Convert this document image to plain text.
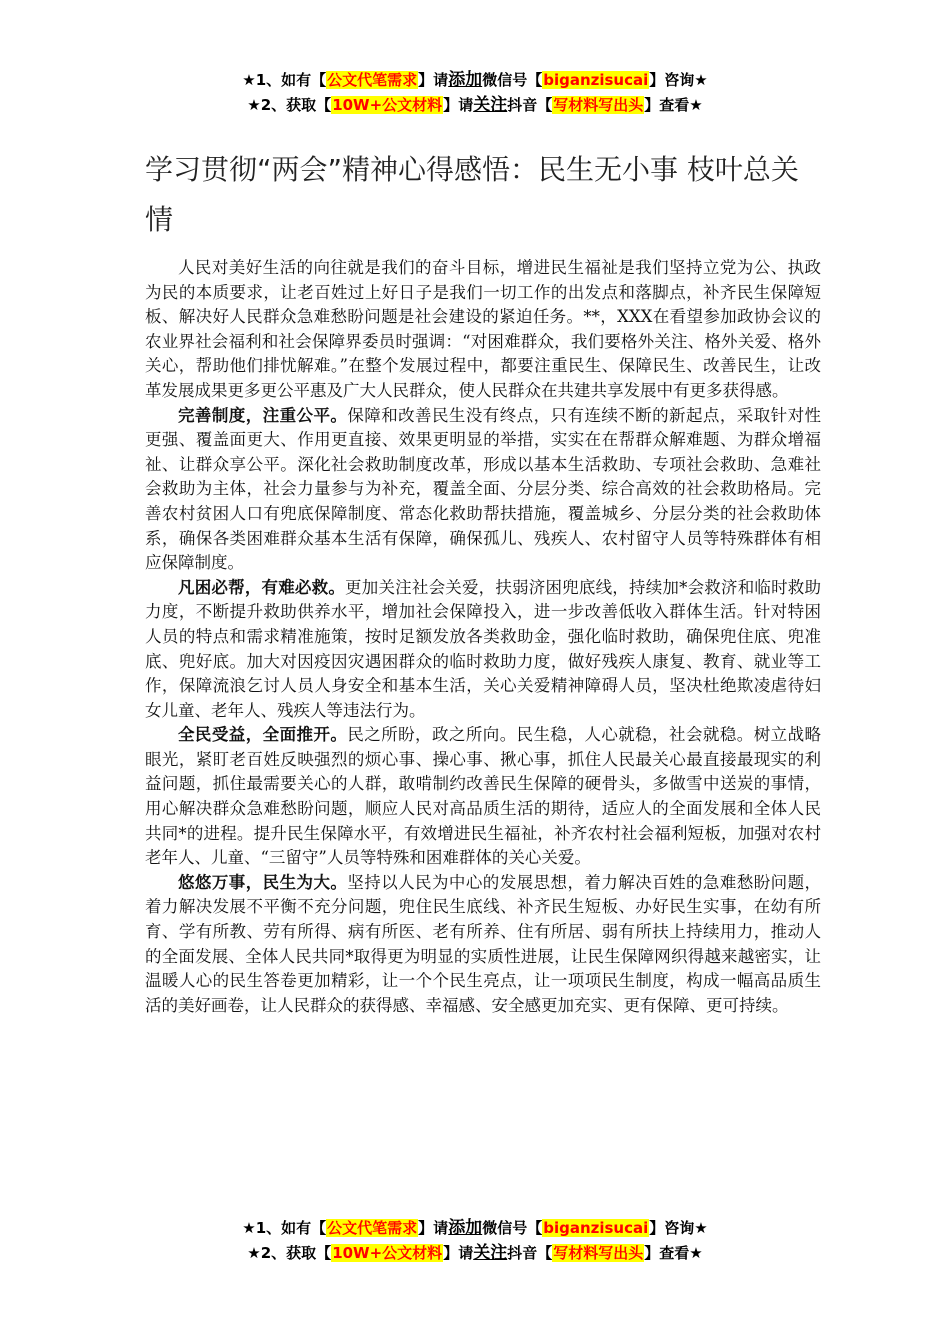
★1、如有【公文代笔需求】请添加微信号【biganzisucai】咨询★
★2、获取【10W+公文材料】请关注抖音【写材料写出头】查看★
学习贯彻“两会”精神心得感悟：民生无小事 枝叶总关情

人民对美好生活的向往就是我们的奋斗目标，增进民生福祉是我们坚持立党为公、执政为民的本质要求，让老百姓过上好日子是我们一切工作的出发点和落脚点，补齐民生保障短板、解决好人民群众急难愁盼问题是社会建设的紧迫任务。**，XXX在看望参加政协会议的农业界社会福利和社会保障界委员时强调：“对困难群众，我们要格外关注、格外关爱、格外关心，帮助他们排忧解难。”在整个发展过程中，都要注重民生、保障民生、改善民生，让改革发展成果更多更公平惠及广大人民群众，使人民群众在共建共享发展中有更多获得感。

完善制度，注重公平。保障和改善民生没有终点，只有连续不断的新起点，采取针对性更强、覆盖面更大、作用更直接、效果更明显的举措，实实在在帮群众解难题、为群众增福祉、让群众享公平。深化社会救助制度改革，形成以基本生活救助、专项社会救助、急难社会救助为主体，社会力量参与为补充，覆盖全面、分层分类、综合高效的社会救助格局。完善农村贫困人口有兜底保障制度、常态化救助帮扶措施，覆盖城乡、分层分类的社会救助体系，确保各类困难群众基本生活有保障，确保孤儿、残疾人、农村留守人员等特殊群体有相应保障制度。

凡困必帮，有难必救。更加关注社会关爱，扶弱济困兜底线，持续加*会救济和临时救助力度，不断提升救助供养水平，增加社会保障投入，进一步改善低收入群体生活。针对特困人员的特点和需求精准施策，按时足额发放各类救助金，强化临时救助，确保兜住底、兜准底、兜好底。加大对因疫因灾遇困群众的临时救助力度，做好残疾人康复、教育、就业等工作，保障流浪乞讨人员人身安全和基本生活，关心关爱精神障碍人员，坚决杜绝欺凌虐待妇女儿童、老年人、残疾人等违法行为。

全民受益，全面推开。民之所盼，政之所向。民生稳，人心就稳，社会就稳。树立战略眼光，紧盯老百姓反映强烈的烦心事、操心事、揪心事，抓住人民最关心最直接最现实的利益问题，抓住最需要关心的人群，敢啃制约改善民生保障的硬骨头，多做雪中送炭的事情，用心解决群众急难愁盼问题，顺应人民对高品质生活的期待，适应人的全面发展和全体人民共同*的进程。提升民生保障水平，有效增进民生福祉，补齐农村社会福利短板，加强对农村老年人、儿童、“三留守”人员等特殊和困难群体的关心关爱。

悠悠万事，民生为大。坚持以人民为中心的发展思想，着力解决百姓的急难愁盼问题，着力解决发展不平衡不充分问题，兜住民生底线、补齐民生短板、办好民生实事，在幼有所育、学有所教、劳有所得、病有所医、老有所养、住有所居、弱有所扶上持续用力，推动人的全面发展、全体人民共同*取得更为明显的实质性进展，让民生保障网织得越来越密实，让温暖人心的民生答卷更加精彩，让一个个民生亮点，让一项项民生制度，构成一幅高品质生活的美好画卷，让人民群众的获得感、幸福感、安全感更加充实、更有保障、更可持续。

★1、如有【公文代笔需求】请添加微信号【biganzisucai】咨询★
★2、获取【10W+公文材料】请关注抖音【写材料写出头】查看★
